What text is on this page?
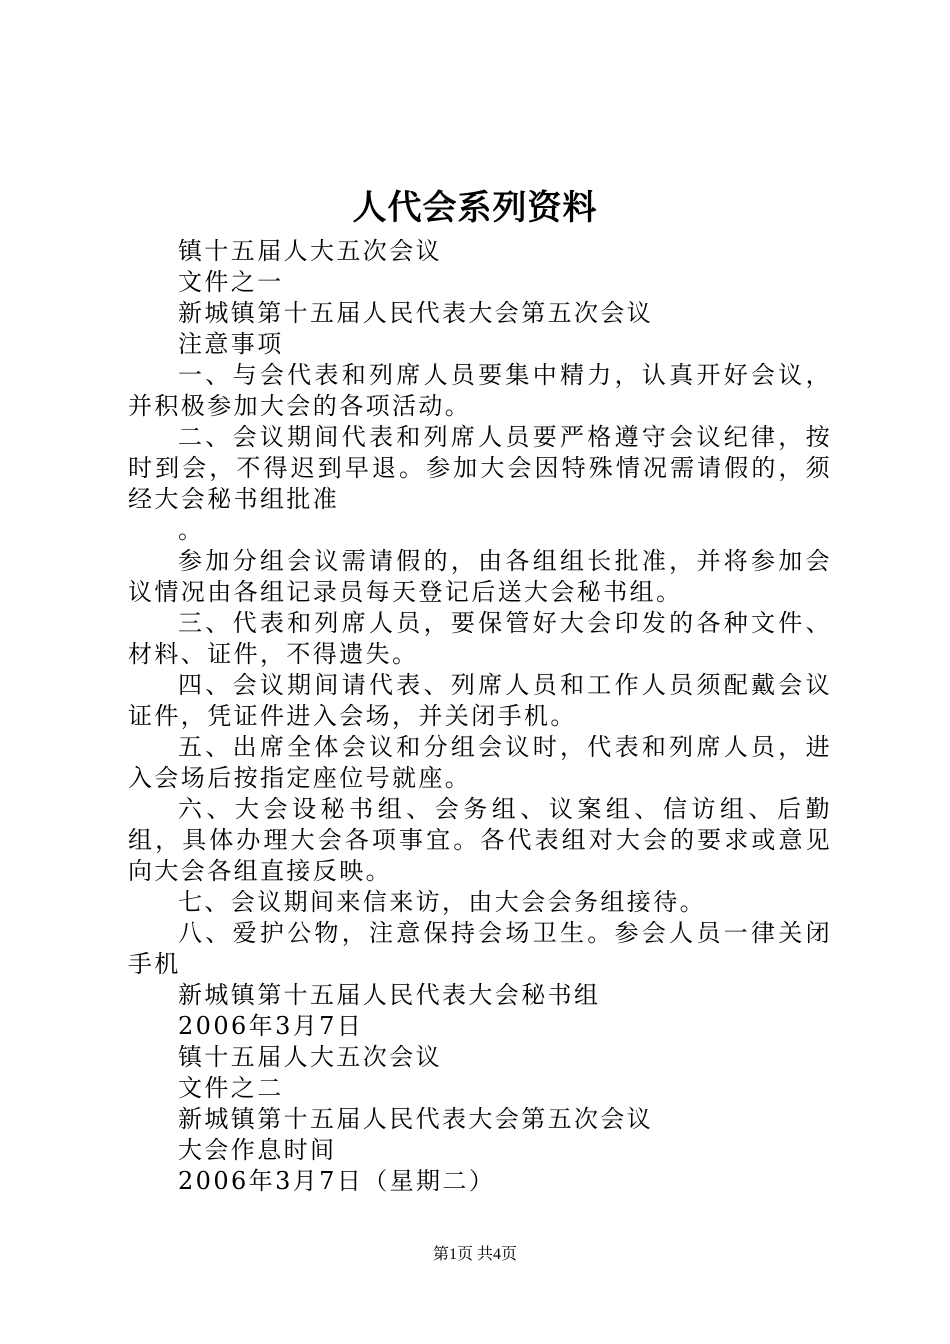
人代会系列资料

镇十五届人大五次会议

文件之一

新城镇第十五届人民代表大会第五次会议

注意事项

一、与会代表和列席人员要集中精力，认真开好会议，并积极参加大会的各项活动。

二、会议期间代表和列席人员要严格遵守会议纪律，按时到会，不得迟到早退。参加大会因特殊情况需请假的，须经大会秘书组批准

。

参加分组会议需请假的，由各组组长批准，并将参加会议情况由各组记录员每天登记后送大会秘书组。

三、代表和列席人员，要保管好大会印发的各种文件、材料、证件，不得遗失。

四、会议期间请代表、列席人员和工作人员须配戴会议证件，凭证件进入会场，并关闭手机。

五、出席全体会议和分组会议时，代表和列席人员，进入会场后按指定座位号就座。

六、大会设秘书组、会务组、议案组、信访组、后勤组，具体办理大会各项事宜。各代表组对大会的要求或意见向大会各组直接反映。

七、会议期间来信来访，由大会会务组接待。

八、爱护公物，注意保持会场卫生。参会人员一律关闭手机

新城镇第十五届人民代表大会秘书组

2006年3月7日

镇十五届人大五次会议

文件之二

新城镇第十五届人民代表大会第五次会议

大会作息时间

2006年3月7日（星期二）

第1页 共4页
